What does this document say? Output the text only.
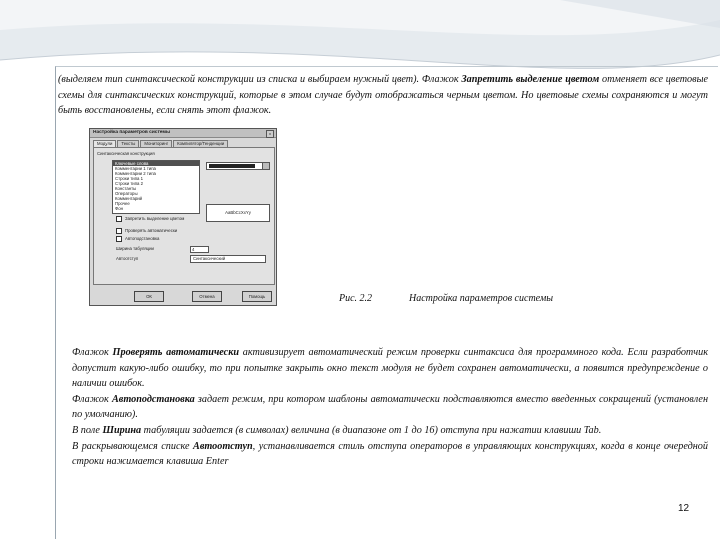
(выделяем тип синтаксической конструкции из списка и выбираем нужный цвет). Флажок Запретить выделение цветом отменяет все цветовые схемы для синтаксических конструкций, которые в этом случае будут отображаться черным цветом. Но цветовые схемы сохраняются и могут быть восстановлены, если снять этот флажок.

Настройка параметров системы	x
Модули	Тексты	Мониторинг	Компилятор/Тенденции
Синтаксическая конструкция
Ключевые слова
Комментарии 1 типа
Комментарии 2 типа
Строки типа 1
Строки типа 2
Константы
Операторы
Комментарий
Прочее
Фон
AaBbCcXxYy
Запретить выделение цветом
Проверять автоматически
Автоподстановка
Ширина табуляции	4
Автоотступ	Синтаксический
ОК	Отмена	Помощь	Рис. 2.2	Настройка параметров системы
Флажок Проверять автоматически активизирует автоматический режим проверки синтаксиса для программного кода. Если разработчик допустит какую-либо ошибку, то при попытке закрыть окно текст модуля не будет сохранен автоматически, а появится предупреждение о наличии ошибок.
Флажок Автоподстановка задает режим, при котором шаблоны автоматически подставляются вместо введенных сокращений (установлен по умолчанию).
В поле Ширина табуляции задается (в символах) величина (в диапазоне от 1 до 16) отступа при нажатии клавиши Tab.
В раскрывающемся списке Автоотступ, устанавливается стиль отступа операторов в управляющих конструкциях, когда в конце очередной строки нажимается клавиша Enter
12
